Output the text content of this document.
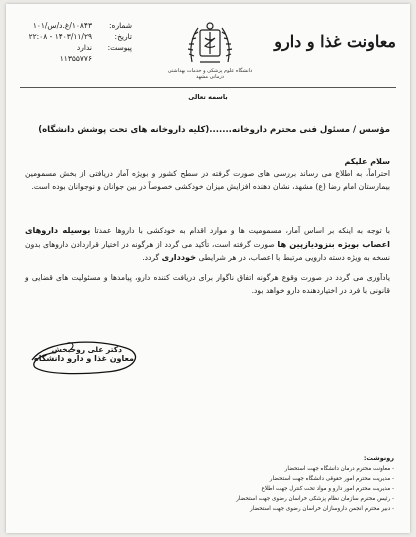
معاونت غذا و دارو
دانشگاه علوم پزشکی و خدمات بهداشتی درمانی مشهد
شماره:
۱۰۸۴۳/غ.د/س/۱۰۱
تاریخ:
۱۴۰۳/۱۱/۲۹ - ۲۲:۰۸
پیوست:
ندارد
۱۱۳۵۵۷۷۶
باسمه تعالی
مؤسس / مسئول فنی محترم داروخانه.......(کلیه داروخانه های تحت پوشش دانشگاه)
سلام علیکم
احتراماً، به اطلاع می رساند بررسی های صورت گرفته در سطح کشور و بویژه آمار دریافتی از بخش مسمومین بیمارستان امام رضا (ع) مشهد، نشان دهنده افزایش میزان خودکشی خصوصاً در بین جوانان و نوجوانان بوده است.
با توجه به اینکه بر اساس آمار، مسمومیت ها و موارد اقدام به خودکشی با داروها عمدتا بوسیله داروهای اعصاب بویژه بنزودیازپین ها صورت گرفته است، تأکید می گردد از هرگونه در اختیار قراردادن داروهای بدون نسخه به ویژه دسته دارویی مرتبط با اعصاب، در هر شرایطی خودداری گردد.
یادآوری می گردد در صورت وقوع هرگونه اتفاق ناگوار برای دریافت کننده دارو، پیامدها و مسئولیت های قضایی و قانونی با فرد در اختیاردهنده دارو خواهد بود.
دکتر علی روحبخش
معاون غذا و دارو دانشگاه
رونوشت:
- معاونت محترم درمان دانشگاه جهت استحضار
- مدیریت محترم امور حقوقی دانشگاه جهت استحضار
- مدیریت محترم امور دارو و مواد تحت کنترل جهت اطلاع
- رئیس محترم سازمان نظام پزشکی خراسان رضوی جهت استحضار
- دبیر محترم انجمن داروسازان خراسان رضوی جهت استحضار
